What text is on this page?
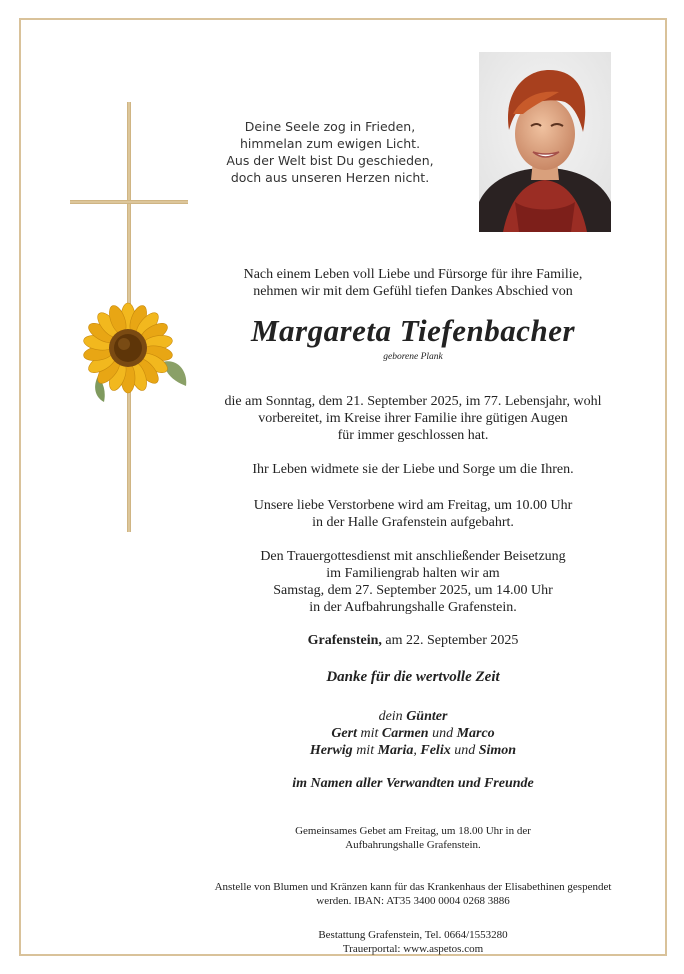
Deine Seele zog in Frieden,
himmelan zum ewigen Licht.
Aus der Welt bist Du geschieden,
doch aus unseren Herzen nicht.
Nach einem Leben voll Liebe und Fürsorge für ihre Familie,
nehmen wir mit dem Gefühl tiefen Dankes Abschied von
Margareta Tiefenbacher
geborene Plank
die am Sonntag, dem 21. September 2025, im 77. Lebensjahr, wohl
vorbereitet, im Kreise ihrer Familie ihre gütigen Augen
für immer geschlossen hat.
Ihr Leben widmete sie der Liebe und Sorge um die Ihren.
Unsere liebe Verstorbene wird am Freitag, um 10.00 Uhr
in der Halle Grafenstein aufgebahrt.
Den Trauergottesdienst mit anschließender Beisetzung
im Familiengrab halten wir am
Samstag, dem 27. September 2025, um 14.00 Uhr
in der Aufbahrungshalle Grafenstein.
Grafenstein, am 22. September 2025
Danke für die wertvolle Zeit
dein Günter
Gert mit Carmen und Marco
Herwig mit Maria, Felix und Simon
im Namen aller Verwandten und Freunde
Gemeinsames Gebet am Freitag, um 18.00 Uhr in der
Aufbahrungshalle Grafenstein.
Anstelle von Blumen und Kränzen kann für das Krankenhaus der Elisabethinen gespendet
werden. IBAN: AT35 3400 0004 0268 3886
Bestattung Grafenstein, Tel. 0664/1553280
Trauerportal: www.aspetos.com
